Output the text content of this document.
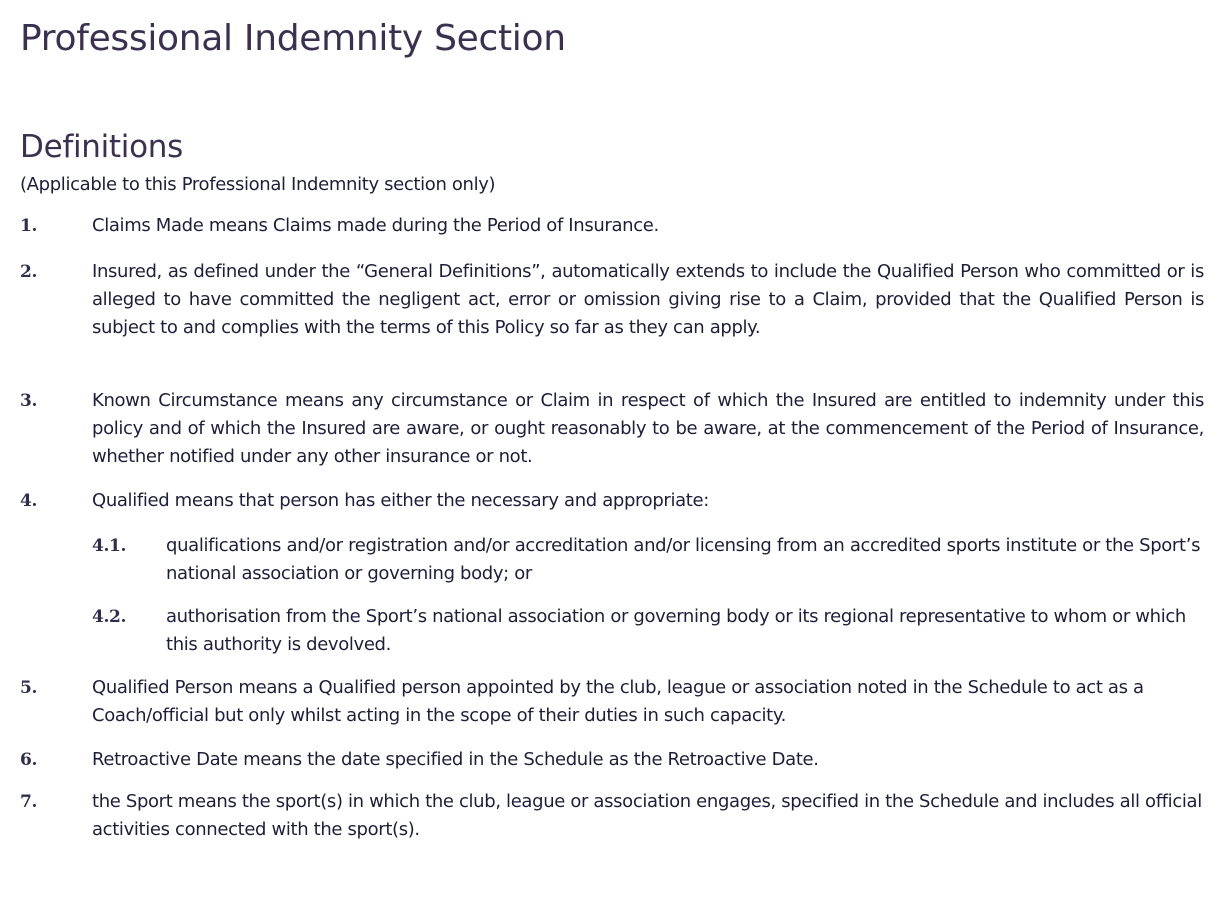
Professional Indemnity Section
Definitions

(Applicable to this Professional Indemnity section only)

1.	Claims Made means Claims made during the Period of Insurance.
2.	Insured, as defined under the “General Definitions”, automatically extends to include the Qualified Person who committed or is alleged to have committed the negligent act, error or omission giving rise to a Claim, provided that the Qualified Person is subject to and complies with the terms of this Policy so far as they can apply.
3.	Known Circumstance means any circumstance or Claim in respect of which the Insured are entitled to indemnity under this policy and of which the Insured are aware, or ought reasonably to be aware, at the commencement of the Period of Insurance, whether notified under any other insurance or not.
4.	Qualified means that person has either the necessary and appropriate:
4.1. qualifications and/or registration and/or accreditation and/or licensing from an accredited sports institute or the Sport’s national association or governing body; or
4.2. authorisation from the Sport’s national association or governing body or its regional representative to whom or which this authority is devolved.
5.	Qualified Person means a Qualified person appointed by the club, league or association noted in the Schedule to act as a Coach/official but only whilst acting in the scope of their duties in such capacity.
6.	Retroactive Date means the date specified in the Schedule as the Retroactive Date.
7.	the Sport means the sport(s) in which the club, league or association engages, specified in the Schedule and includes all official activities connected with the sport(s).
